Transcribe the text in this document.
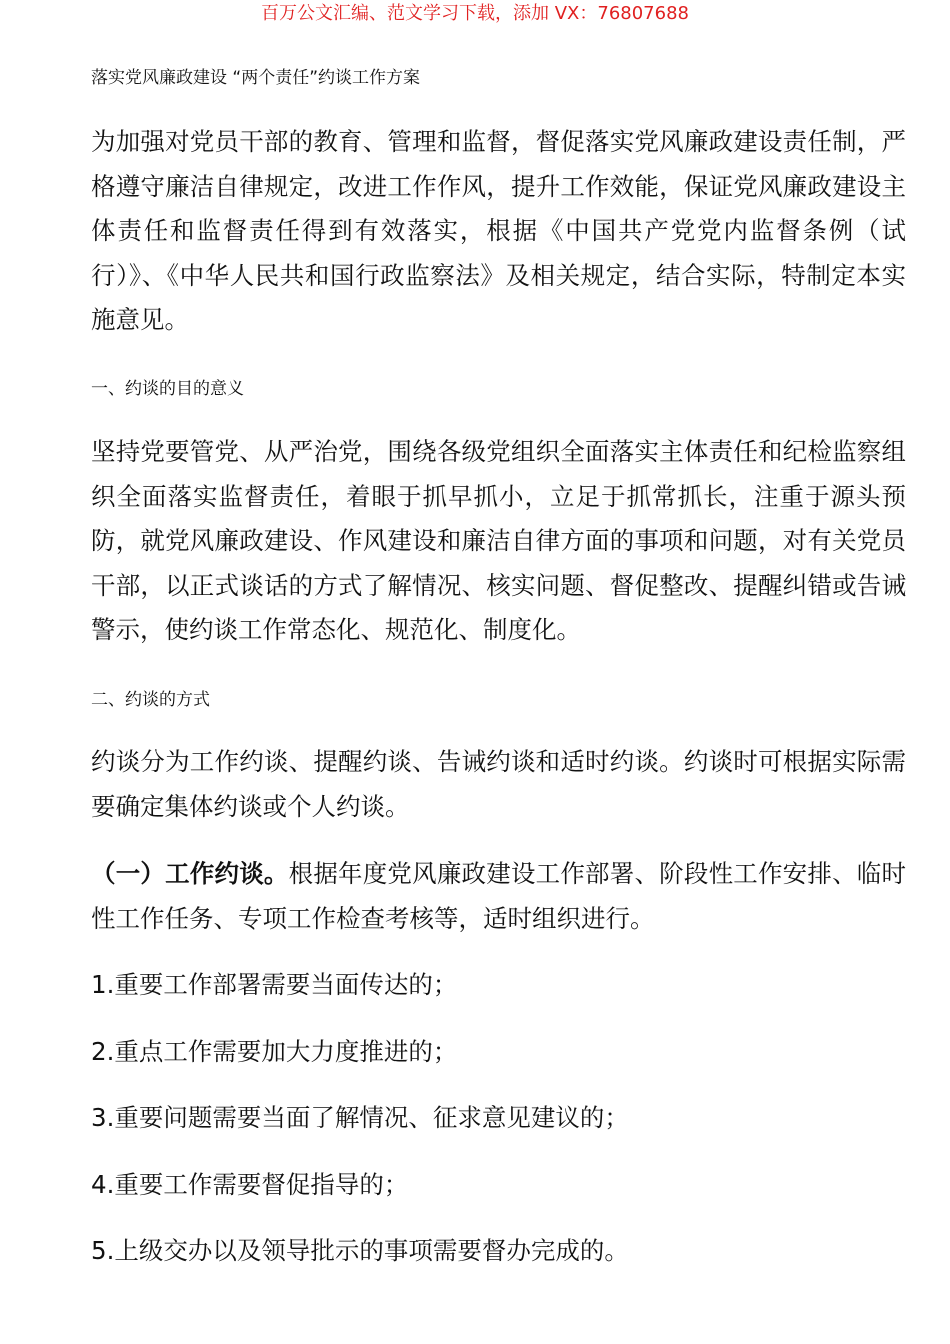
百万公文汇编、范文学习下载，添加 VX：76807688
落实党风廉政建设 “两个责任”约谈工作方案
为加强对党员干部的教育、管理和监督，督促落实党风廉政建设责任制，严格遵守廉洁自律规定，改进工作作风，提升工作效能，保证党风廉政建设主体责任和监督责任得到有效落实，根据《中国共产党党内监督条例（试行）》、《中华人民共和国行政监察法》及相关规定，结合实际，特制定本实施意见。
一、约谈的目的意义
坚持党要管党、从严治党，围绕各级党组织全面落实主体责任和纪检监察组织全面落实监督责任，着眼于抓早抓小，立足于抓常抓长，注重于源头预防，就党风廉政建设、作风建设和廉洁自律方面的事项和问题，对有关党员干部，以正式谈话的方式了解情况、核实问题、督促整改、提醒纠错或告诫警示，使约谈工作常态化、规范化、制度化。
二、约谈的方式
约谈分为工作约谈、提醒约谈、告诫约谈和适时约谈。约谈时可根据实际需要确定集体约谈或个人约谈。
（一）工作约谈。根据年度党风廉政建设工作部署、阶段性工作安排、临时性工作任务、专项工作检查考核等，适时组织进行。
1.重要工作部署需要当面传达的；
2.重点工作需要加大力度推进的；
3.重要问题需要当面了解情况、征求意见建议的；
4.重要工作需要督促指导的；
5.上级交办以及领导批示的事项需要督办完成的。
